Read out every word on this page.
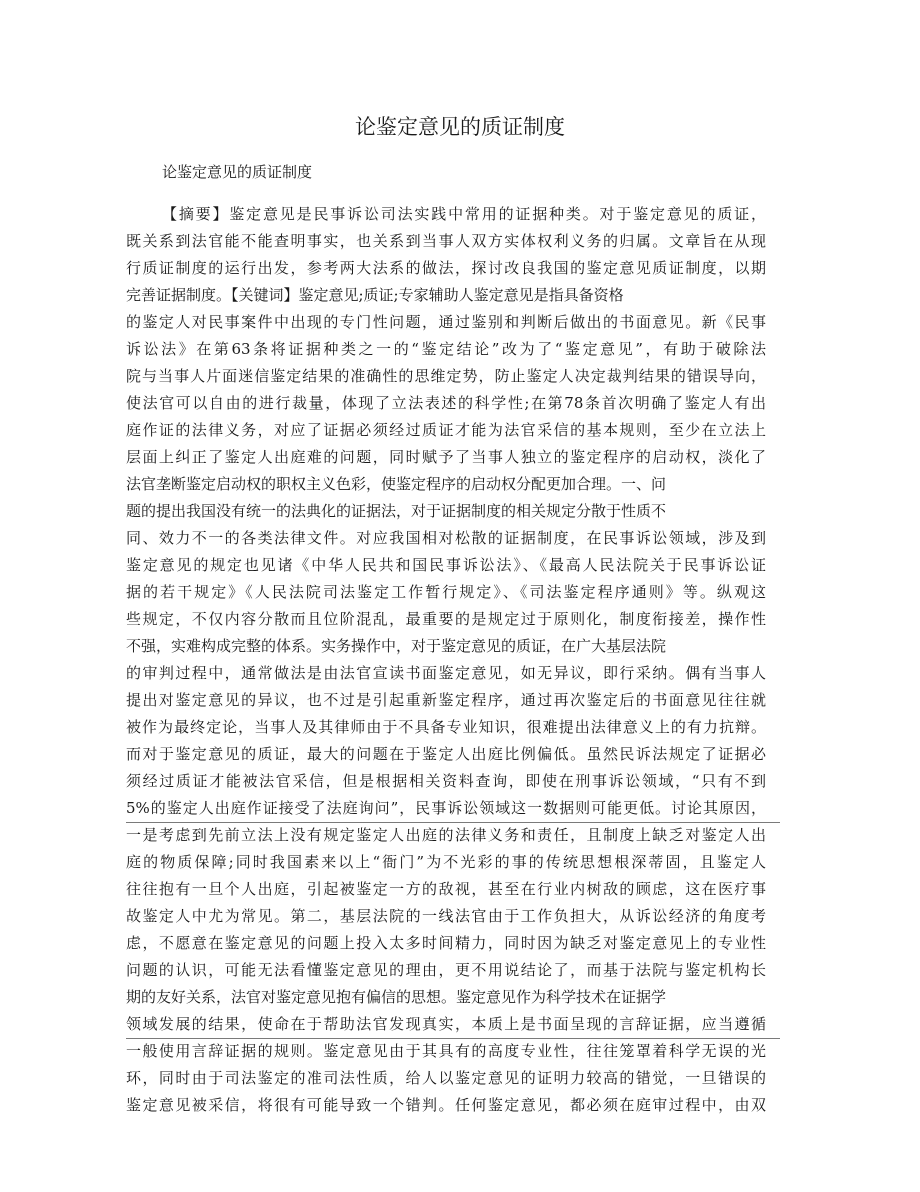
论鉴定意见的质证制度
论鉴定意见的质证制度
【摘要】鉴定意见是民事诉讼司法实践中常用的证据种类。对于鉴定意见的质证，
既关系到法官能不能查明事实，也关系到当事人双方实体权利义务的归属。文章旨在从现
行质证制度的运行出发，参考两大法系的做法，探讨改良我国的鉴定意见质证制度，以期
完善证据制度。【关键词】鉴定意见;质证;专家辅助人鉴定意见是指具备资格
的鉴定人对民事案件中出现的专门性问题，通过鉴别和判断后做出的书面意见。新《民事
诉讼法》在第63条将证据种类之一的“鉴定结论”改为了“鉴定意见”，有助于破除法
院与当事人片面迷信鉴定结果的准确性的思维定势，防止鉴定人决定裁判结果的错误导向，
使法官可以自由的进行裁量，体现了立法表述的科学性;在第78条首次明确了鉴定人有出
庭作证的法律义务，对应了证据必须经过质证才能为法官采信的基本规则，至少在立法上
层面上纠正了鉴定人出庭难的问题，同时赋予了当事人独立的鉴定程序的启动权，淡化了
法官垄断鉴定启动权的职权主义色彩，使鉴定程序的启动权分配更加合理。一、问
题的提出我国没有统一的法典化的证据法，对于证据制度的相关规定分散于性质不
同、效力不一的各类法律文件。对应我国相对松散的证据制度，在民事诉讼领域，涉及到
鉴定意见的规定也见诸《中华人民共和国民事诉讼法》、《最高人民法院关于民事诉讼证
据的若干规定》《人民法院司法鉴定工作暂行规定》、《司法鉴定程序通则》等。纵观这
些规定，不仅内容分散而且位阶混乱，最重要的是规定过于原则化，制度衔接差，操作性
不强，实难构成完整的体系。实务操作中，对于鉴定意见的质证，在广大基层法院
的审判过程中，通常做法是由法官宣读书面鉴定意见，如无异议，即行采纳。偶有当事人
提出对鉴定意见的异议，也不过是引起重新鉴定程序，通过再次鉴定后的书面意见往往就
被作为最终定论，当事人及其律师由于不具备专业知识，很难提出法律意义上的有力抗辩。
而对于鉴定意见的质证，最大的问题在于鉴定人出庭比例偏低。虽然民诉法规定了证据必
须经过质证才能被法官采信，但是根据相关资料查询，即使在刑事诉讼领域，“只有不到
5%的鉴定人出庭作证接受了法庭询问”，民事诉讼领域这一数据则可能更低。讨论其原因，
一是考虑到先前立法上没有规定鉴定人出庭的法律义务和责任，且制度上缺乏对鉴定人出
庭的物质保障;同时我国素来以上“衙门”为不光彩的事的传统思想根深蒂固，且鉴定人
往往抱有一旦个人出庭，引起被鉴定一方的敌视，甚至在行业内树敌的顾虑，这在医疗事
故鉴定人中尤为常见。第二，基层法院的一线法官由于工作负担大，从诉讼经济的角度考
虑，不愿意在鉴定意见的问题上投入太多时间精力，同时因为缺乏对鉴定意见上的专业性
问题的认识，可能无法看懂鉴定意见的理由，更不用说结论了，而基于法院与鉴定机构长
期的友好关系，法官对鉴定意见抱有偏信的思想。鉴定意见作为科学技术在证据学
领域发展的结果，使命在于帮助法官发现真实，本质上是书面呈现的言辞证据，应当遵循
一般使用言辞证据的规则。鉴定意见由于其具有的高度专业性，往往笼罩着科学无误的光
环，同时由于司法鉴定的准司法性质，给人以鉴定意见的证明力较高的错觉，一旦错误的
鉴定意见被采信，将很有可能导致一个错判。任何鉴定意见，都必须在庭审过程中，由双
